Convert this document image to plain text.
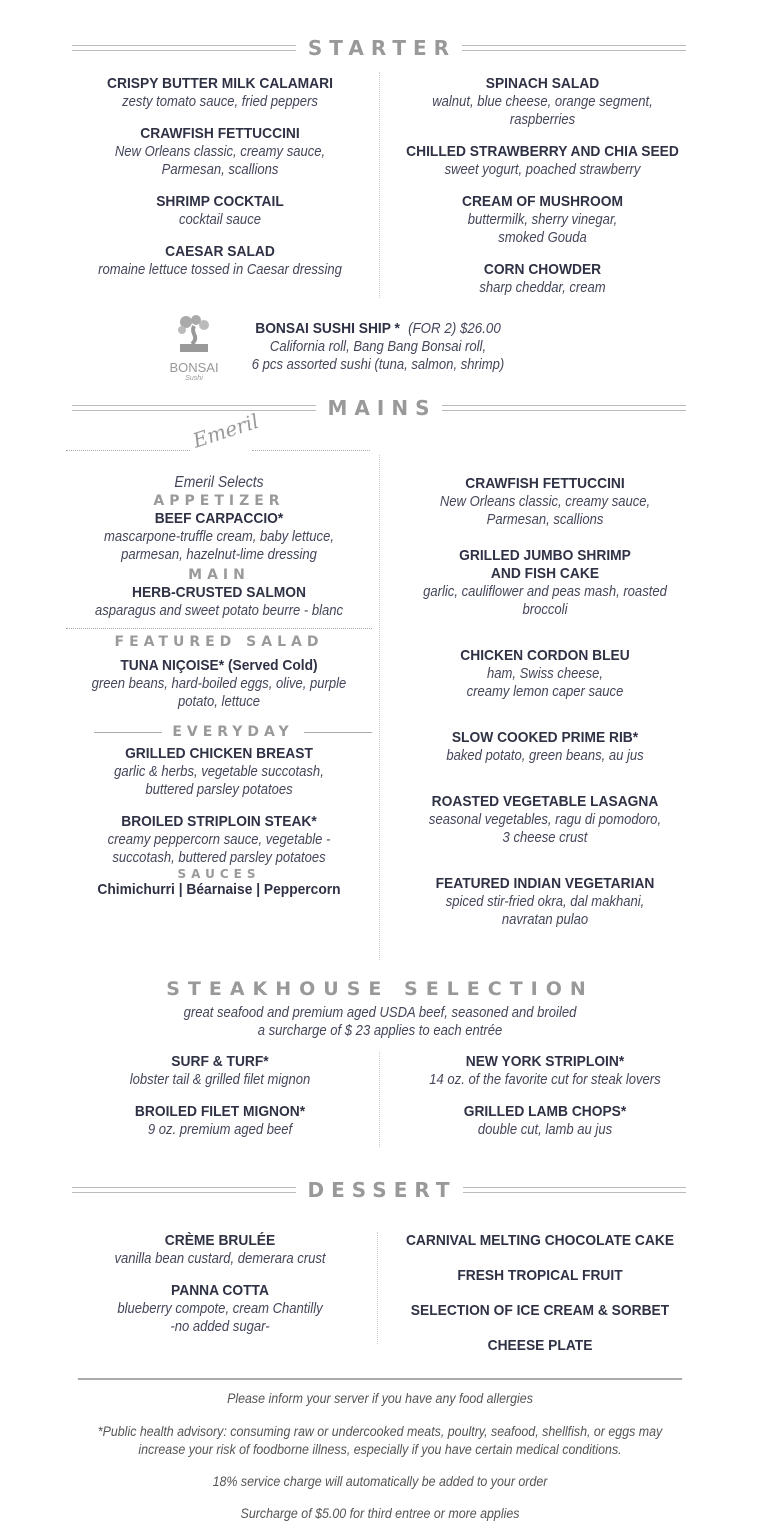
STARTER
CRISPY BUTTER MILK CALAMARI
zesty tomato sauce, fried peppers
CRAWFISH FETTUCCINI
New Orleans classic, creamy sauce,
Parmesan, scallions
SHRIMP COCKTAIL
cocktail sauce
CAESAR SALAD
romaine lettuce tossed in Caesar dressing
SPINACH SALAD
walnut, blue cheese, orange segment,
raspberries
CHILLED STRAWBERRY AND CHIA SEED
sweet yogurt, poached strawberry
CREAM OF MUSHROOM
buttermilk, sherry vinegar,
smoked Gouda
CORN CHOWDER
sharp cheddar, cream
BONSAI
Sushi
BONSAI SUSHI SHIP * (FOR 2) $26.00
California roll, Bang Bang Bonsai roll,
6 pcs assorted sushi (tuna, salmon, shrimp)
MAINS
Emeril
Emeril Selects
APPETIZER
BEEF CARPACCIO*
mascarpone-truffle cream, baby lettuce,
parmesan, hazelnut-lime dressing
MAIN
HERB-CRUSTED SALMON
asparagus and sweet potato beurre - blanc
FEATURED SALAD
TUNA NIÇOISE* (Served Cold)
green beans, hard-boiled eggs, olive, purple
potato, lettuce
EVERYDAY
GRILLED CHICKEN BREAST
garlic & herbs, vegetable succotash,
buttered parsley potatoes
BROILED STRIPLOIN STEAK*
creamy peppercorn sauce, vegetable -
succotash, buttered parsley potatoes
SAUCES
Chimichurri | Béarnaise | Peppercorn
CRAWFISH FETTUCCINI
New Orleans classic, creamy sauce,
Parmesan, scallions
GRILLED JUMBO SHRIMP
AND FISH CAKE
garlic, cauliflower and peas mash, roasted
broccoli
CHICKEN CORDON BLEU
ham, Swiss cheese,
creamy lemon caper sauce
SLOW COOKED PRIME RIB*
baked potato, green beans, au jus
ROASTED VEGETABLE LASAGNA
seasonal vegetables, ragu di pomodoro,
3 cheese crust
FEATURED INDIAN VEGETARIAN
spiced stir-fried okra, dal makhani,
navratan pulao
STEAKHOUSE SELECTION
great seafood and premium aged USDA beef, seasoned and broiled
a surcharge of $ 23 applies to each entrée
SURF & TURF*
lobster tail & grilled filet mignon
BROILED FILET MIGNON*
9 oz. premium aged beef
NEW YORK STRIPLOIN*
14 oz. of the favorite cut for steak lovers
GRILLED LAMB CHOPS*
double cut, lamb au jus
DESSERT
CRÈME BRULÉE
vanilla bean custard, demerara crust
PANNA COTTA
blueberry compote, cream Chantilly
-no added sugar-
CARNIVAL MELTING CHOCOLATE CAKE
FRESH TROPICAL FRUIT
SELECTION OF ICE CREAM & SORBET
CHEESE PLATE
Please inform your server if you have any food allergies
*Public health advisory: consuming raw or undercooked meats, poultry, seafood, shellfish, or eggs may
increase your risk of foodborne illness, especially if you have certain medical conditions.
18% service charge will automatically be added to your order
Surcharge of $5.00 for third entree or more applies
